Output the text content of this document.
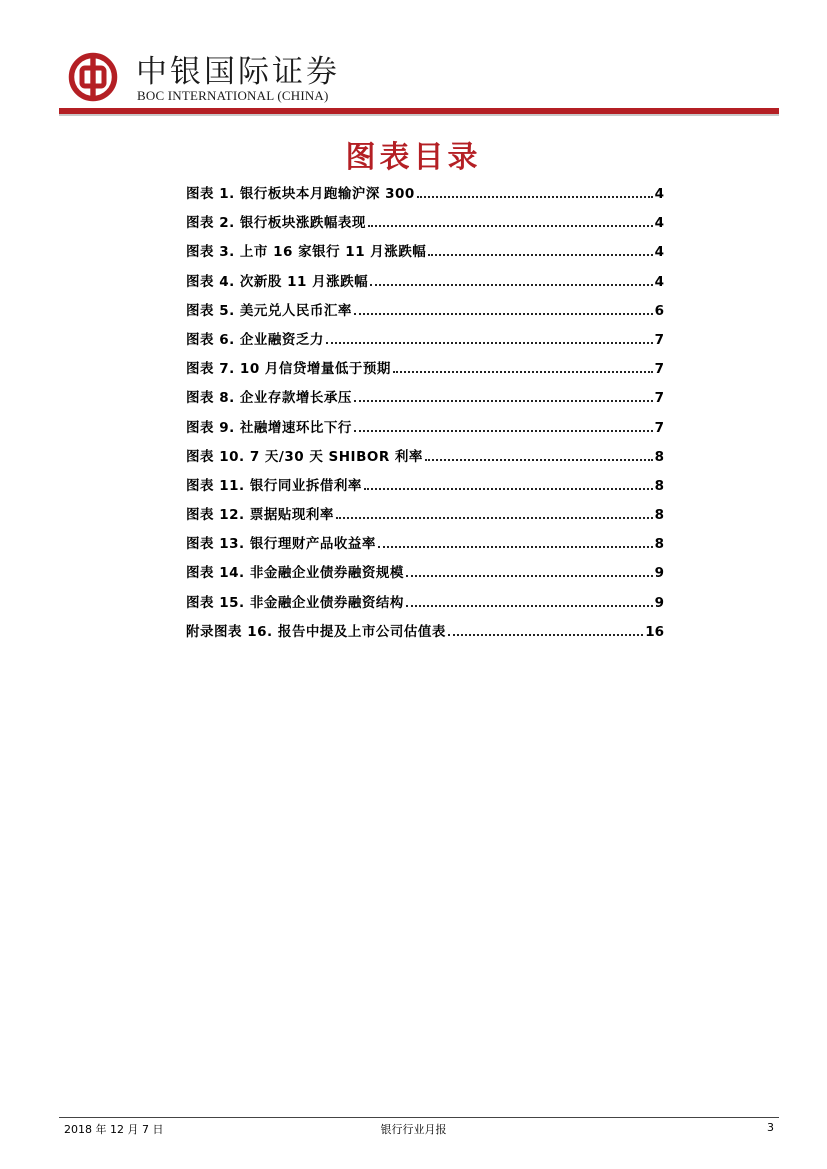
中银国际证券
BOC INTERNATIONAL (CHINA)
图表目录
图表 1. 银行板块本月跑输沪深 300	4
图表 2. 银行板块涨跌幅表现	4
图表 3. 上市 16 家银行 11 月涨跌幅	4
图表 4. 次新股 11 月涨跌幅	4
图表 5. 美元兑人民币汇率	6
图表 6. 企业融资乏力	7
图表 7. 10 月信贷增量低于预期	7
图表 8. 企业存款增长承压	7
图表 9. 社融增速环比下行	7
图表 10. 7 天/30 天 SHIBOR 利率	8
图表 11. 银行同业拆借利率	8
图表 12. 票据贴现利率	8
图表 13. 银行理财产品收益率	8
图表 14. 非金融企业债券融资规模	9
图表 15. 非金融企业债券融资结构	9
附录图表 16. 报告中提及上市公司估值表	16
2018 年 12 月 7 日	银行行业月报	3
